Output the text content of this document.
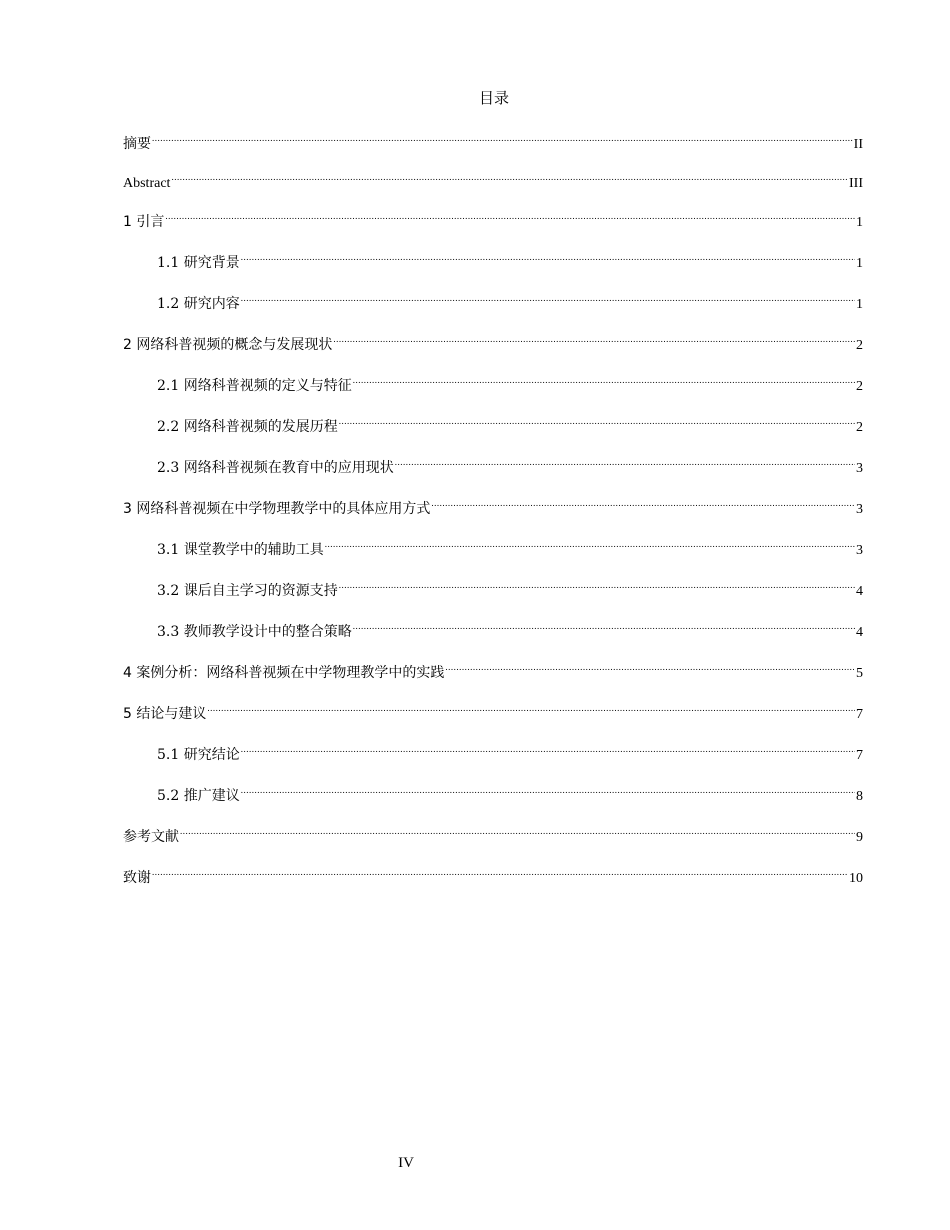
目录
摘要 .....	II
Abstract .....	III
1 引言 .....	1
1.1 研究背景 .....	1
1.2 研究内容 .....	1
2 网络科普视频的概念与发展现状 .....	2
2.1 网络科普视频的定义与特征 .....	2
2.2 网络科普视频的发展历程 .....	2
2.3 网络科普视频在教育中的应用现状 .....	3
3 网络科普视频在中学物理教学中的具体应用方式 .....	3
3.1 课堂教学中的辅助工具 .....	3
3.2 课后自主学习的资源支持 .....	4
3.3 教师教学设计中的整合策略 .....	4
4 案例分析：网络科普视频在中学物理教学中的实践 .....	5
5 结论与建议 .....	7
5.1 研究结论 .....	7
5.2 推广建议 .....	8
参考文献 .....	9
致谢 .....	10
IV
